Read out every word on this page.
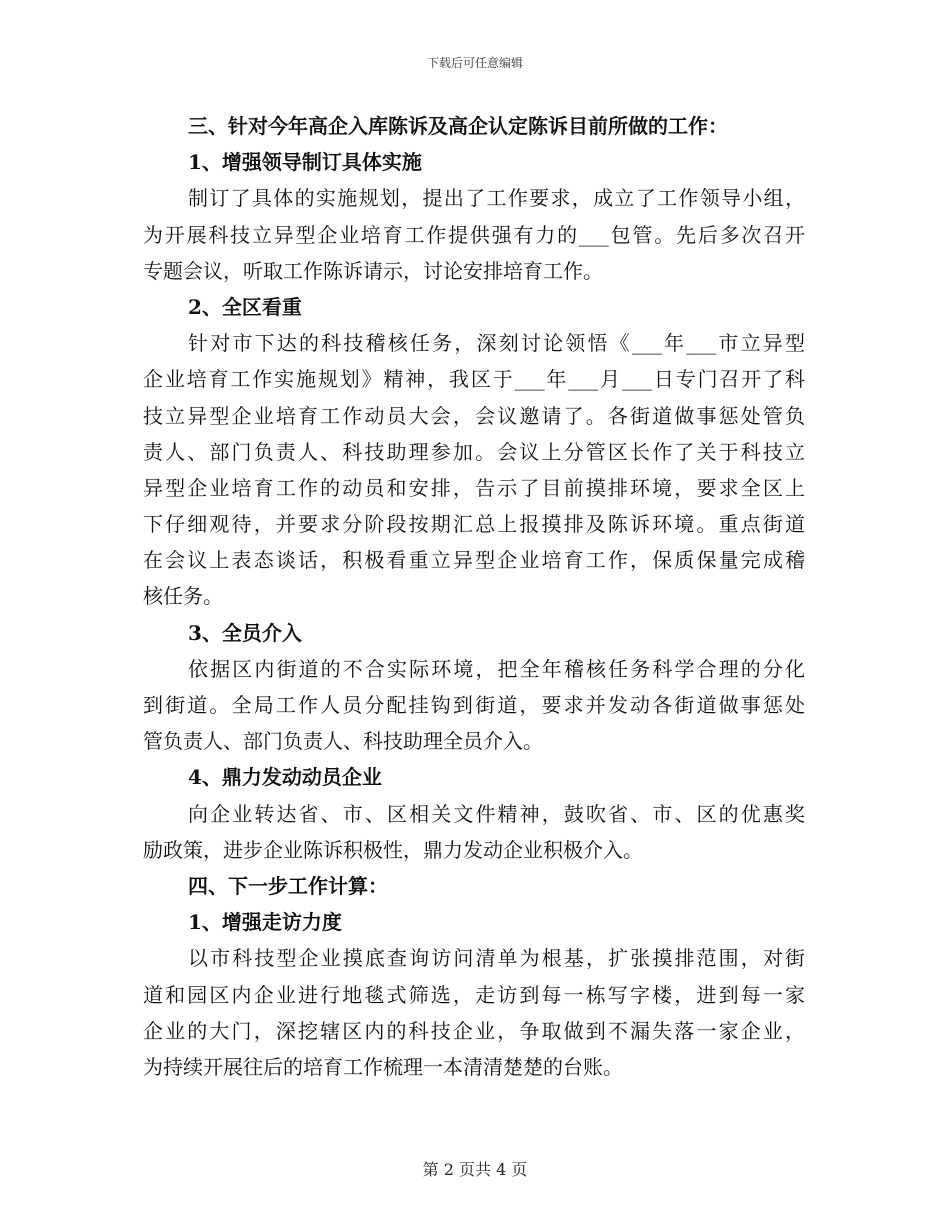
下载后可任意编辑
三、针对今年高企入库陈诉及高企认定陈诉目前所做的工作：
1、增强领导制订具体实施
制订了具体的实施规划，提出了工作要求，成立了工作领导小组，
为开展科技立异型企业培育工作提供强有力的___包管。先后多次召开
专题会议，听取工作陈诉请示，讨论安排培育工作。
2、全区看重
针对市下达的科技稽核任务，深刻讨论领悟《___年___市立异型
企业培育工作实施规划》精神，我区于___年___月___日专门召开了科
技立异型企业培育工作动员大会，会议邀请了。各街道做事惩处管负
责人、部门负责人、科技助理参加。会议上分管区长作了关于科技立
异型企业培育工作的动员和安排，告示了目前摸排环境，要求全区上
下仔细观待，并要求分阶段按期汇总上报摸排及陈诉环境。重点街道
在会议上表态谈话，积极看重立异型企业培育工作，保质保量完成稽
核任务。
3、全员介入
依据区内街道的不合实际环境，把全年稽核任务科学合理的分化
到街道。全局工作人员分配挂钩到街道，要求并发动各街道做事惩处
管负责人、部门负责人、科技助理全员介入。
4、鼎力发动动员企业
向企业转达省、市、区相关文件精神，鼓吹省、市、区的优惠奖
励政策，进步企业陈诉积极性，鼎力发动企业积极介入。
四、下一步工作计算：
1、增强走访力度
以市科技型企业摸底查询访问清单为根基，扩张摸排范围，对街
道和园区内企业进行地毯式筛选，走访到每一栋写字楼，进到每一家
企业的大门，深挖辖区内的科技企业，争取做到不漏失落一家企业，
为持续开展往后的培育工作梳理一本清清楚楚的台账。
第 2 页共 4 页
